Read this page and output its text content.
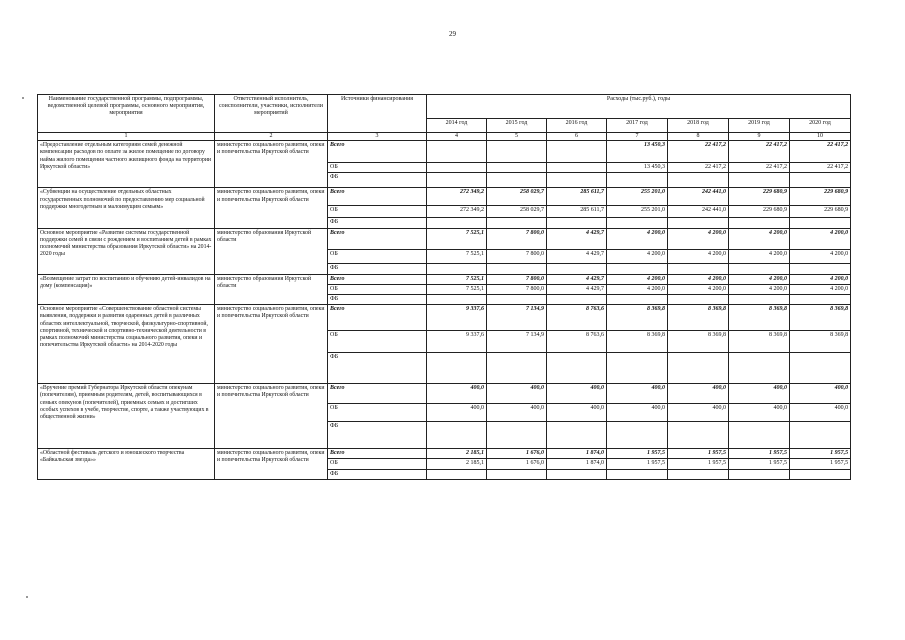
29
Наименование государственной программы, подпрограммы, ведомственной целевой программы, основного мероприятия, мероприятия	Ответственный исполнитель, соисполнители, участники, исполнители мероприятий	Источники финансирования	Расходы (тыс.руб.), годы						
			2014 год	2015 год	2016 год	2017 год	2018 год	2019 год	2020 год
1	2	3	4	5	6	7	8	9	10
«Предоставление отдельным категориям семей денежной компенсации расходов по оплате за жилое помещение по договору найма жилого помещения частного жилищного фонда на территории Иркутской области»	министерство социального развития, опеки и попечительства Иркутской области	Всего				13 450,3	22 417,2	22 417,2	22 417,2
		ОБ				13 450,3	22 417,2	22 417,2	22 417,2
		ФБ							
«Субвенции на осуществление отдельных областных государственных полномочий по предоставлению мер социальной поддержки многодетным и малоимущим семьям»	министерство социального развития, опеки и попечительства Иркутской области	Всего	272 349,2	258 029,7	285 611,7	255 201,0	242 441,0	229 680,9	229 680,9
		ОБ	272 349,2	258 029,7	285 611,7	255 201,0	242 441,0	229 680,9	229 680,9
		ФБ							
Основное мероприятие «Развитие системы государственной поддержки семей в связи с рождением и воспитанием детей в рамках полномочий министерства образования Иркутской области» на 2014-2020 годы	министерство образования Иркутской области	Всего	7 525,1	7 800,0	4 429,7	4 200,0	4 200,0	4 200,0	4 200,0
		ОБ	7 525,1	7 800,0	4 429,7	4 200,0	4 200,0	4 200,0	4 200,0
		ФБ							
«Возмещение затрат по воспитанию и обучению детей-инвалидов на дому (компенсация)»	министерство образования Иркутской области	Всего	7 525,1	7 800,0	4 429,7	4 200,0	4 200,0	4 200,0	4 200,0
		ОБ	7 525,1	7 800,0	4 429,7	4 200,0	4 200,0	4 200,0	4 200,0
		ФБ							
Основное мероприятие «Совершенствование областной системы выявления, поддержки и развития одаренных детей в различных областях интеллектуальной, творческой, физкультурно-спортивной, спортивной, технической и спортивно-технической деятельности в рамках полномочий министерства социального развития, опеки и попечительства Иркутской области» на 2014-2020 годы	министерство социального развития, опеки и попечительства Иркутской области	Всего	9 337,6	7 134,9	8 763,6	8 369,8	8 369,8	8 369,8	8 369,8
		ОБ	9 337,6	7 134,9	8 763,6	8 369,8	8 369,8	8 369,8	8 369,8
		ФБ							
«Вручение премий Губернатора Иркутской области опекунам (попечителям), приемным родителям, детей, воспитывающихся в семьях опекунов (попечителей), приемных семьях и достигших особых успехов в учебе, творчестве, спорте, а также участвующих в общественной жизни»	министерство социального развития, опеки и попечительства Иркутской области	Всего	400,0	400,0	400,0	400,0	400,0	400,0	400,0
		ОБ	400,0	400,0	400,0	400,0	400,0	400,0	400,0
		ФБ							
«Областной фестиваль детского и юношеского творчества «Байкальская звезда»»	министерство социального развития, опеки и попечительства Иркутской области	Всего	2 185,1	1 676,0	1 874,0	1 957,5	1 957,5	1 957,5	1 957,5
		ОБ	2 185,1	1 676,0	1 874,0	1 957,5	1 957,5	1 957,5	1 957,5
		ФБ							
